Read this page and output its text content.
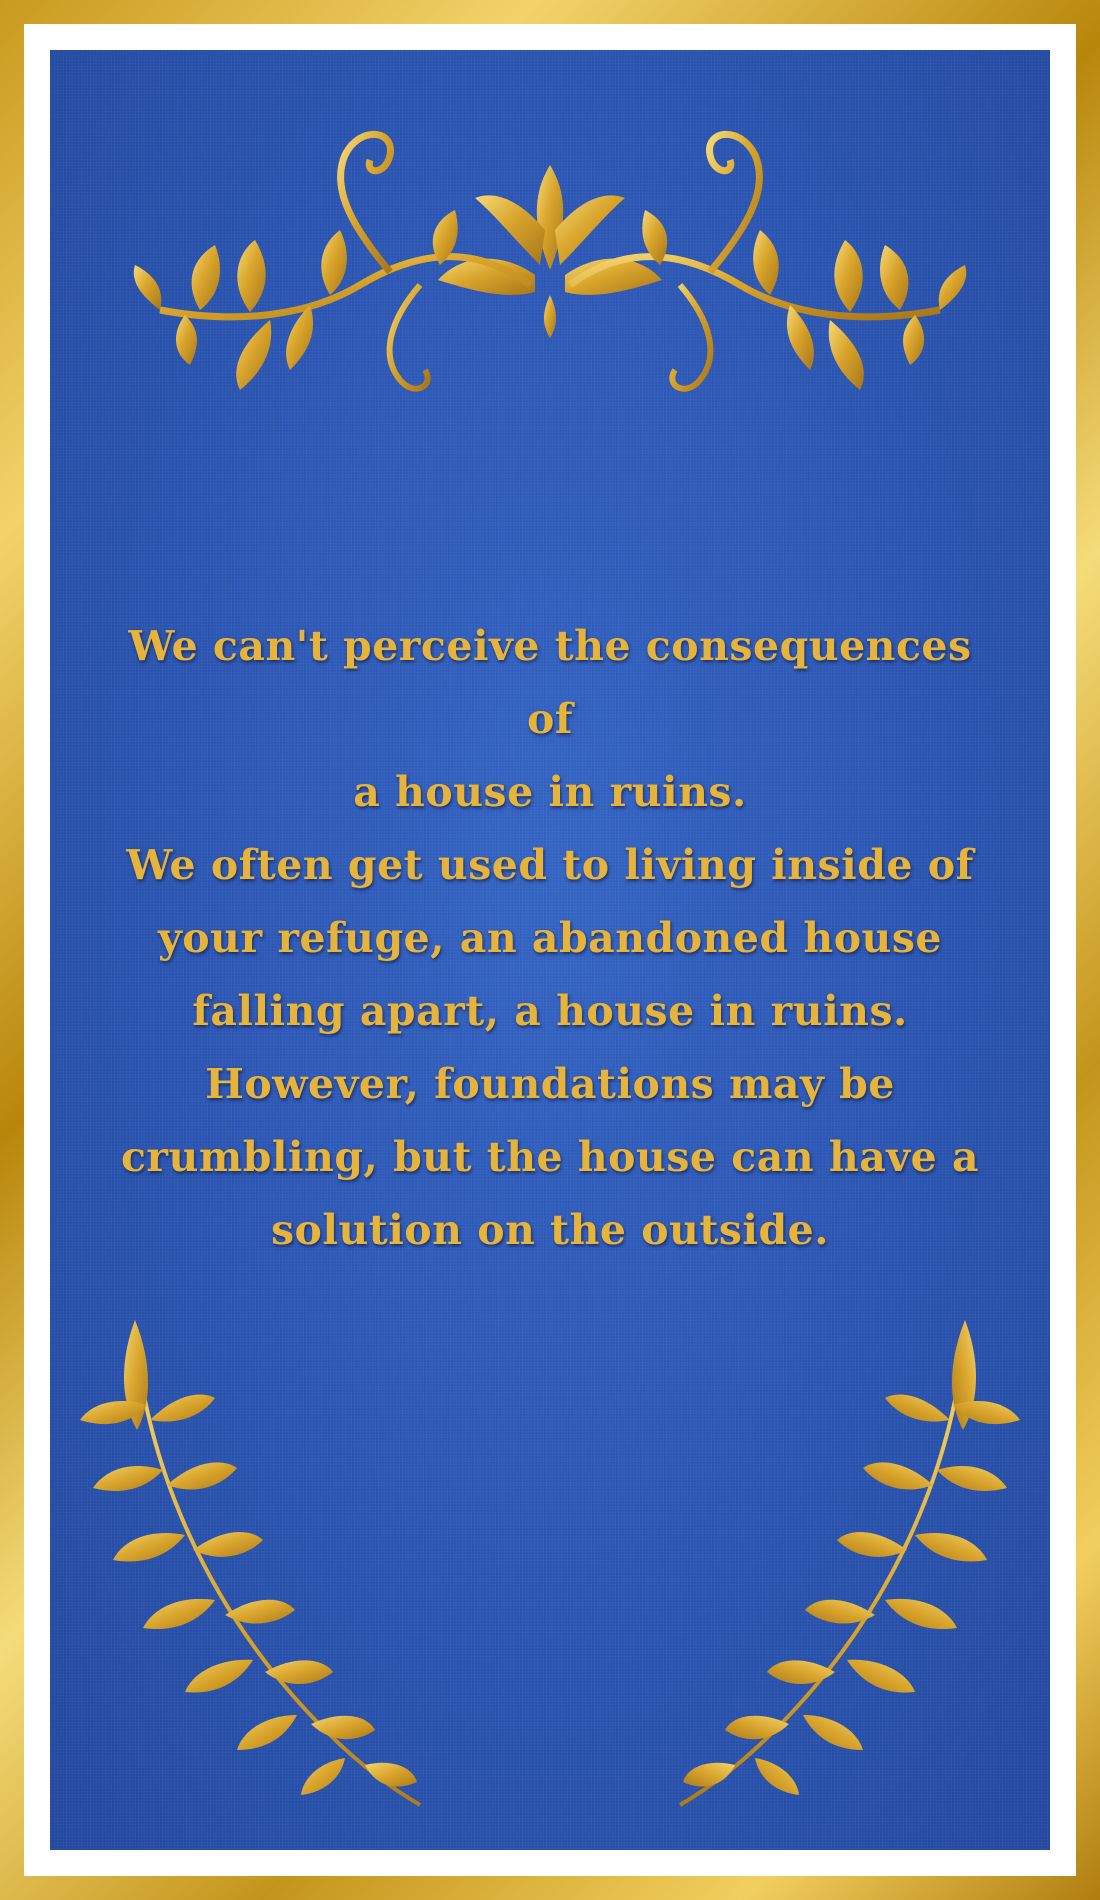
We can't perceive the consequences of
a house in ruins.
We often get used to living inside of
your refuge, an abandoned house
falling apart, a house in ruins.
However, foundations may be
crumbling, but the house can have a
solution on the outside.
